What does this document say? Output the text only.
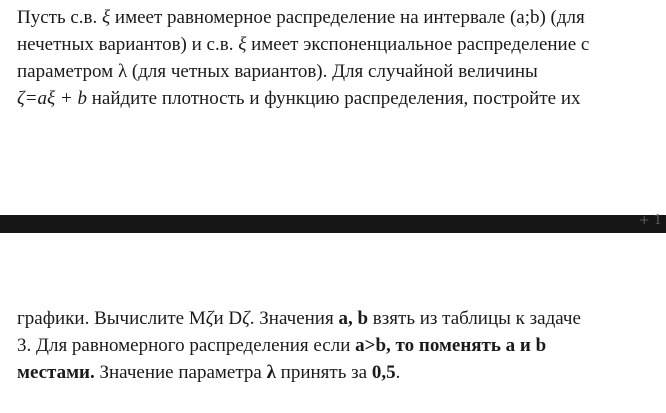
Пусть с.в. ξ имеет равномерное распределение на интервале (a;b) (для
нечетных вариантов) и с.в. ξ имеет экспоненциальное распределение с
параметром λ (для четных вариантов). Для случайной величины
ζ=aξ + b найдите плотность и функцию распределения, постройте их
+ 1
графики. Вычислите Mζи Dζ. Значения a, b взять из таблицы к задаче
3. Для равномерного распределения если a>b, то поменять a и b
местами. Значение параметра λ принять за 0,5.
